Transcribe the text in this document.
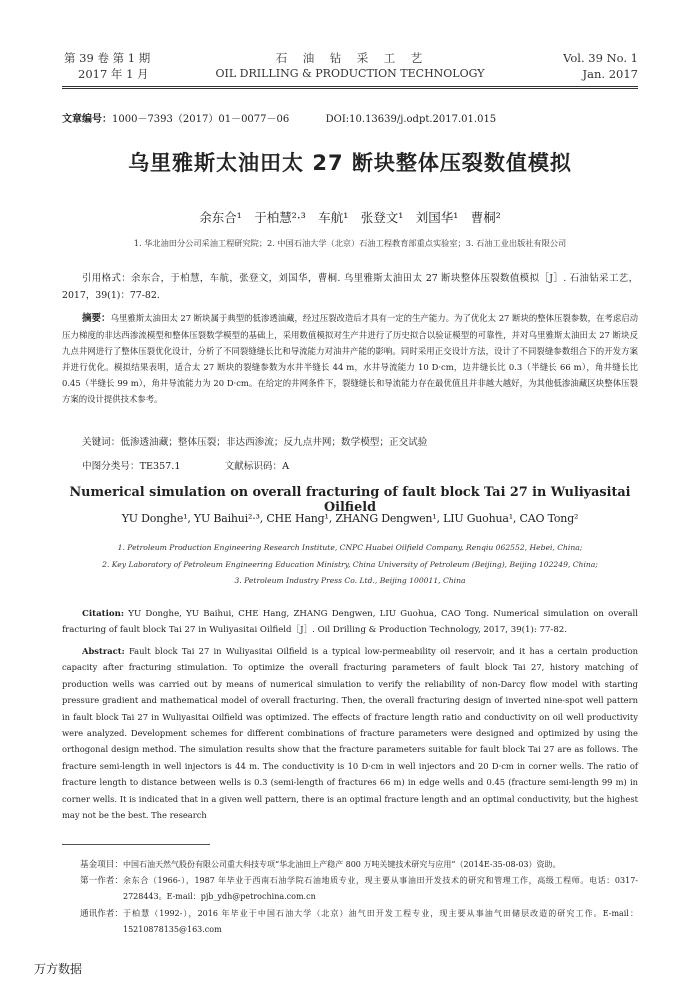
第 39 卷 第 1 期
2017 年 1 月
石　油　钻　采　工　艺
OIL DRILLING & PRODUCTION TECHNOLOGY
Vol. 39 No. 1
Jan. 2017
文章编号：1000－7393（2017）01－0077－06	DOI:10.13639/j.odpt.2017.01.015
乌里雅斯太油田太 27 断块整体压裂数值模拟
余东合¹　于柏慧²·³　车航¹　张登文¹　刘国华¹　曹桐²
1. 华北油田分公司采油工程研究院；2. 中国石油大学（北京）石油工程教育部重点实验室；3. 石油工业出版社有限公司
引用格式：余东合，于柏慧，车航，张登文，刘国华，曹桐. 乌里雅斯太油田太 27 断块整体压裂数值模拟［J］. 石油钻采工艺，2017，39(1)：77-82.
摘要：乌里雅斯太油田太 27 断块属于典型的低渗透油藏，经过压裂改造后才具有一定的生产能力。为了优化太 27 断块的整体压裂参数，在考虑启动压力梯度的非达西渗流模型和整体压裂数学模型的基础上，采用数值模拟对生产井进行了历史拟合以验证模型的可靠性，并对乌里雅斯太油田太 27 断块反九点井网进行了整体压裂优化设计，分析了不同裂缝缝长比和导流能力对油井产能的影响。同时采用正交设计方法，设计了不同裂缝参数组合下的开发方案并进行优化。模拟结果表明，适合太 27 断块的裂缝参数为水井半缝长 44 m，水井导流能力 10 D·cm，边井缝长比 0.3（半缝长 66 m），角井缝长比 0.45（半缝长 99 m），角井导流能力为 20 D·cm。在给定的井网条件下，裂缝缝长和导流能力存在最优值且并非越大越好，为其他低渗油藏区块整体压裂方案的设计提供技术参考。
关键词：低渗透油藏；整体压裂；非达西渗流；反九点井网；数学模型；正交试验
中图分类号：TE357.1	文献标识码：A
Numerical simulation on overall fracturing of fault block Tai 27 in Wuliyasitai Oilfield
YU Donghe¹, YU Baihui²·³, CHE Hang¹, ZHANG Dengwen¹, LIU Guohua¹, CAO Tong²
1. Petroleum Production Engineering Research Institute, CNPC Huabei Oilfield Company, Renqiu 062552, Hebei, China;
2. Key Laboratory of Petroleum Engineering Education Ministry, China University of Petroleum (Beijing), Beijing 102249, China;
3. Petroleum Industry Press Co. Ltd., Beijing 100011, China
Citation: YU Donghe, YU Baihui, CHE Hang, ZHANG Dengwen, LIU Guohua, CAO Tong. Numerical simulation on overall fracturing of fault block Tai 27 in Wuliyasitai Oilfield［J］. Oil Drilling & Production Technology, 2017, 39(1): 77-82.
Abstract: Fault block Tai 27 in Wuliyasitai Oilfield is a typical low-permeability oil reservoir, and it has a certain production capacity after fracturing stimulation. To optimize the overall fracturing parameters of fault block Tai 27, history matching of production wells was carried out by means of numerical simulation to verify the reliability of non-Darcy flow model with starting pressure gradient and mathematical model of overall fracturing. Then, the overall fracturing design of inverted nine-spot well pattern in fault block Tai 27 in Wuliyasitai Oilfield was optimized. The effects of fracture length ratio and conductivity on oil well productivity were analyzed. Development schemes for different combinations of fracture parameters were designed and optimized by using the orthogonal design method. The simulation results show that the fracture parameters suitable for fault block Tai 27 are as follows. The fracture semi-length in well injectors is 44 m. The conductivity is 10 D·cm in well injectors and 20 D·cm in corner wells. The ratio of fracture length to distance between wells is 0.3 (semi-length of fractures 66 m) in edge wells and 0.45 (fracture semi-length 99 m) in corner wells. It is indicated that in a given well pattern, there is an optimal fracture length and an optimal conductivity, but the highest may not be the best. The research
基金项目： 中国石油天然气股份有限公司重大科技专项“华北油田上产稳产 800 万吨关键技术研究与应用”（2014E-35-08-03）资助。
第一作者： 余东合（1966-），1987 年毕业于西南石油学院石油地质专业，现主要从事油田开发技术的研究和管理工作，高级工程师。电话：0317-2728443。E-mail：pjb_ydh@petrochina.com.cn
通讯作者： 于柏慧（1992-），2016 年毕业于中国石油大学（北京）油气田开发工程专业，现主要从事油气田储层改造的研究工作。E-mail：15210878135@163.com
万方数据
